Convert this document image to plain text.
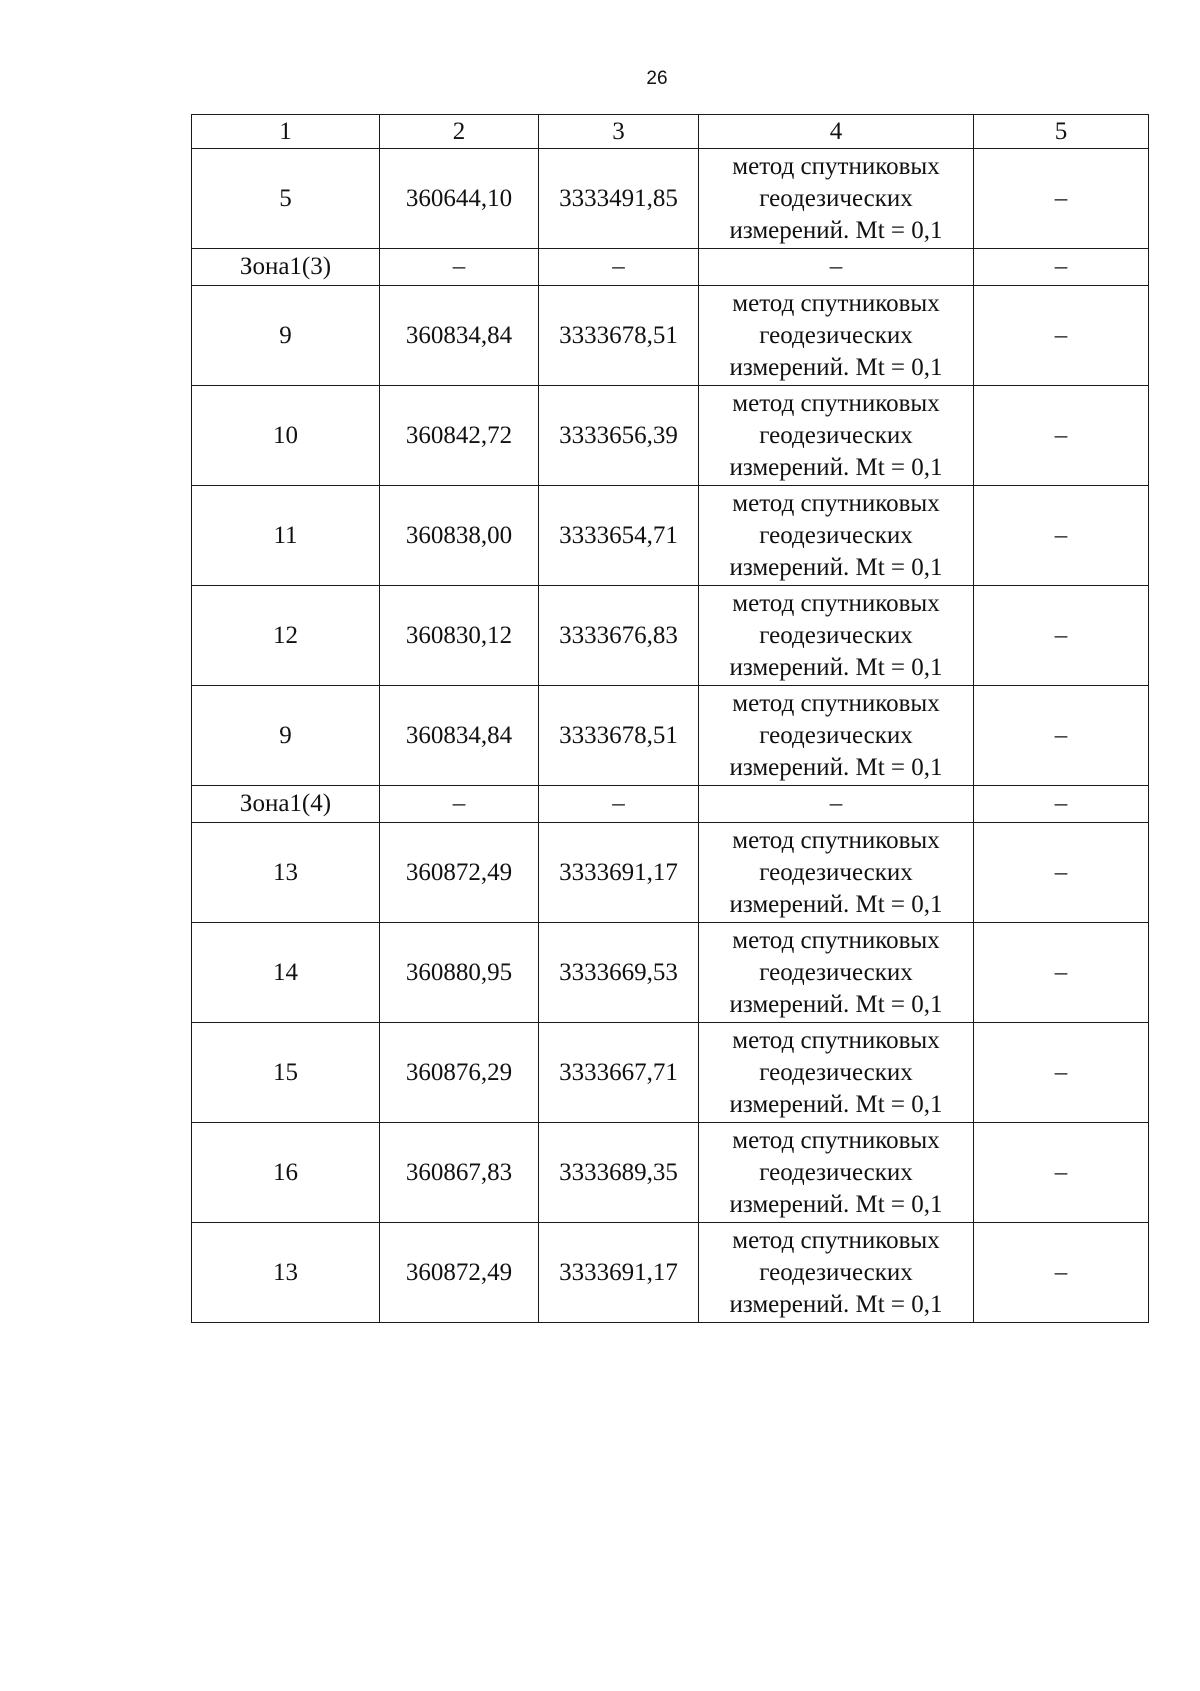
26
1	2	3	4	5
5	360644,10	3333491,85	метод спутниковых
геодезических
измерений. Mt = 0,1	–
Зона1(3)	–	–	–	–
9	360834,84	3333678,51	метод спутниковых
геодезических
измерений. Mt = 0,1	–
10	360842,72	3333656,39	метод спутниковых
геодезических
измерений. Mt = 0,1	–
11	360838,00	3333654,71	метод спутниковых
геодезических
измерений. Mt = 0,1	–
12	360830,12	3333676,83	метод спутниковых
геодезических
измерений. Mt = 0,1	–
9	360834,84	3333678,51	метод спутниковых
геодезических
измерений. Mt = 0,1	–
Зона1(4)	–	–	–	–
13	360872,49	3333691,17	метод спутниковых
геодезических
измерений. Mt = 0,1	–
14	360880,95	3333669,53	метод спутниковых
геодезических
измерений. Mt = 0,1	–
15	360876,29	3333667,71	метод спутниковых
геодезических
измерений. Mt = 0,1	–
16	360867,83	3333689,35	метод спутниковых
геодезических
измерений. Mt = 0,1	–
13	360872,49	3333691,17	метод спутниковых
геодезических
измерений. Mt = 0,1	–
